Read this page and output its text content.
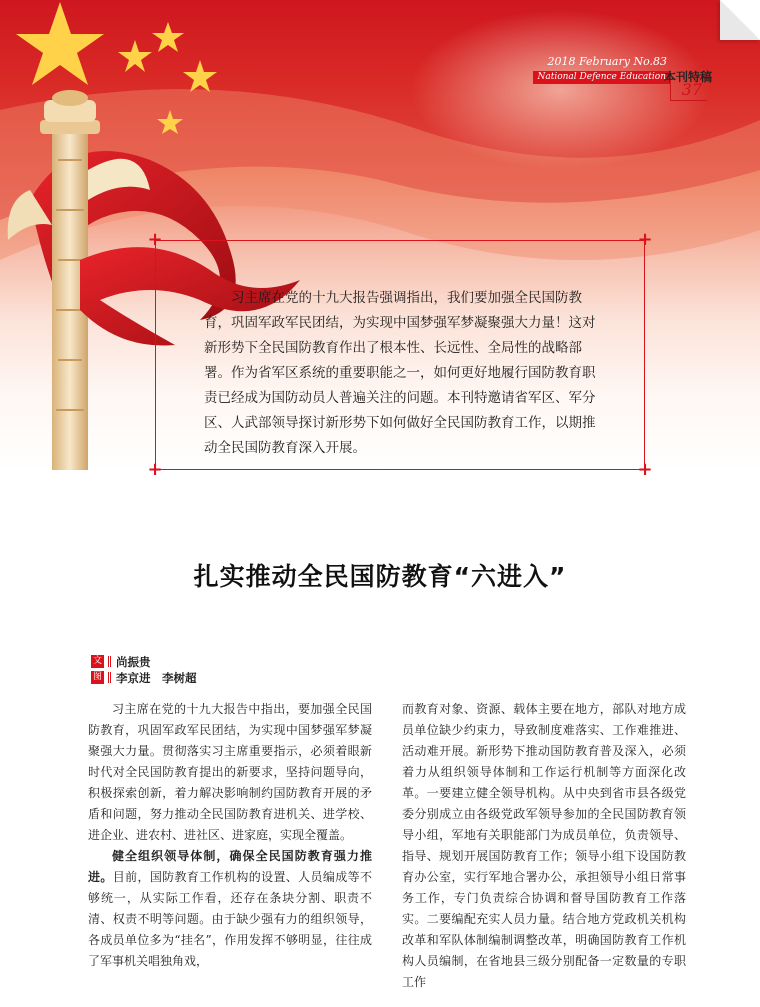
2018 February No.83
National Defence Education
本刊特稿
37
+	+
+	+

习主席在党的十九大报告强调指出，我们要加强全民国防教育，巩固军政军民团结，为实现中国梦强军梦凝聚强大力量！这对新形势下全民国防教育作出了根本性、长远性、全局性的战略部署。作为省军区系统的重要职能之一，如何更好地履行国防教育职责已经成为国防动员人普遍关注的问题。本刊特邀请省军区、军分区、人武部领导探讨新形势下如何做好全民国防教育工作，以期推动全民国防教育深入开展。

扎实推动全民国防教育“六进入”
文 尚振贵
图 李京进　李树超

习主席在党的十九大报告中指出，要加强全民国防教育，巩固军政军民团结，为实现中国梦强军梦凝聚强大力量。贯彻落实习主席重要指示，必须着眼新时代对全民国防教育提出的新要求，坚持问题导向，积极探索创新，着力解决影响制约国防教育开展的矛盾和问题，努力推动全民国防教育进机关、进学校、进企业、进农村、进社区、进家庭，实现全覆盖。

健全组织领导体制，确保全民国防教育强力推进。目前，国防教育工作机构的设置、人员编成等不够统一，从实际工作看，还存在条块分割、职责不清、权责不明等问题。由于缺少强有力的组织领导，各成员单位多为“挂名”，作用发挥不够明显，往往成了军事机关唱独角戏，

而教育对象、资源、载体主要在地方，部队对地方成员单位缺少约束力，导致制度难落实、工作难推进、活动难开展。新形势下推动国防教育普及深入，必须着力从组织领导体制和工作运行机制等方面深化改革。一要建立健全领导机构。从中央到省市县各级党委分别成立由各级党政军领导参加的全民国防教育领导小组，军地有关职能部门为成员单位，负责领导、指导、规划开展国防教育工作；领导小组下设国防教育办公室，实行军地合署办公，承担领导小组日常事务工作，专门负责综合协调和督导国防教育工作落实。二要编配充实人员力量。结合地方党政机关机构改革和军队体制编制调整改革，明确国防教育工作机构人员编制，在省地县三级分别配备一定数量的专职工作
